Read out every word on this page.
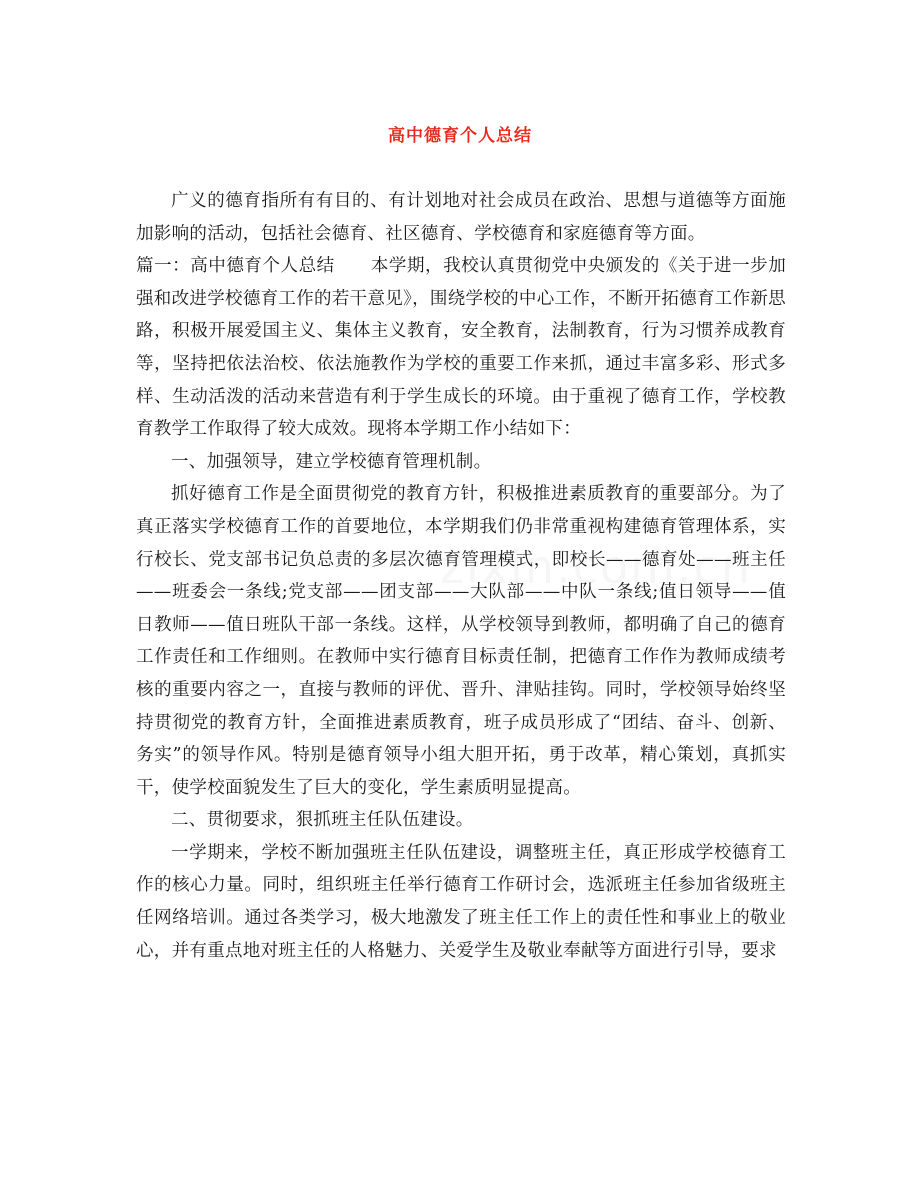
高中德育个人总结

广义的德育指所有有目的、有计划地对社会成员在政治、思想与道德等方面施加影响的活动，包括社会德育、社区德育、学校德育和家庭德育等方面。

篇一：高中德育个人总结　　本学期，我校认真贯彻党中央颁发的《关于进一步加强和改进学校德育工作的若干意见》，围绕学校的中心工作，不断开拓德育工作新思路，积极开展爱国主义、集体主义教育，安全教育，法制教育，行为习惯养成教育等，坚持把依法治校、依法施教作为学校的重要工作来抓，通过丰富多彩、形式多样、生动活泼的活动来营造有利于学生成长的环境。由于重视了德育工作，学校教育教学工作取得了较大成效。现将本学期工作小结如下：

一、加强领导，建立学校德育管理机制。

抓好德育工作是全面贯彻党的教育方针，积极推进素质教育的重要部分。为了真正落实学校德育工作的首要地位，本学期我们仍非常重视构建德育管理体系，实行校长、党支部书记负总责的多层次德育管理模式，即校长——德育处——班主任——班委会一条线;党支部——团支部——大队部——中队一条线;值日领导——值日教师——值日班队干部一条线。这样，从学校领导到教师，都明确了自己的德育工作责任和工作细则。在教师中实行德育目标责任制，把德育工作作为教师成绩考核的重要内容之一，直接与教师的评优、晋升、津贴挂钩。同时，学校领导始终坚持贯彻党的教育方针，全面推进素质教育，班子成员形成了“团结、奋斗、创新、务实”的领导作风。特别是德育领导小组大胆开拓，勇于改革，精心策划，真抓实干，使学校面貌发生了巨大的变化，学生素质明显提高。

二、贯彻要求，狠抓班主任队伍建设。

一学期来，学校不断加强班主任队伍建设，调整班主任，真正形成学校德育工作的核心力量。同时，组织班主任举行德育工作研讨会，选派班主任参加省级班主任网络培训。通过各类学习，极大地激发了班主任工作上的责任性和事业上的敬业心，并有重点地对班主任的人格魅力、关爱学生及敬业奉献等方面进行引导，要求
